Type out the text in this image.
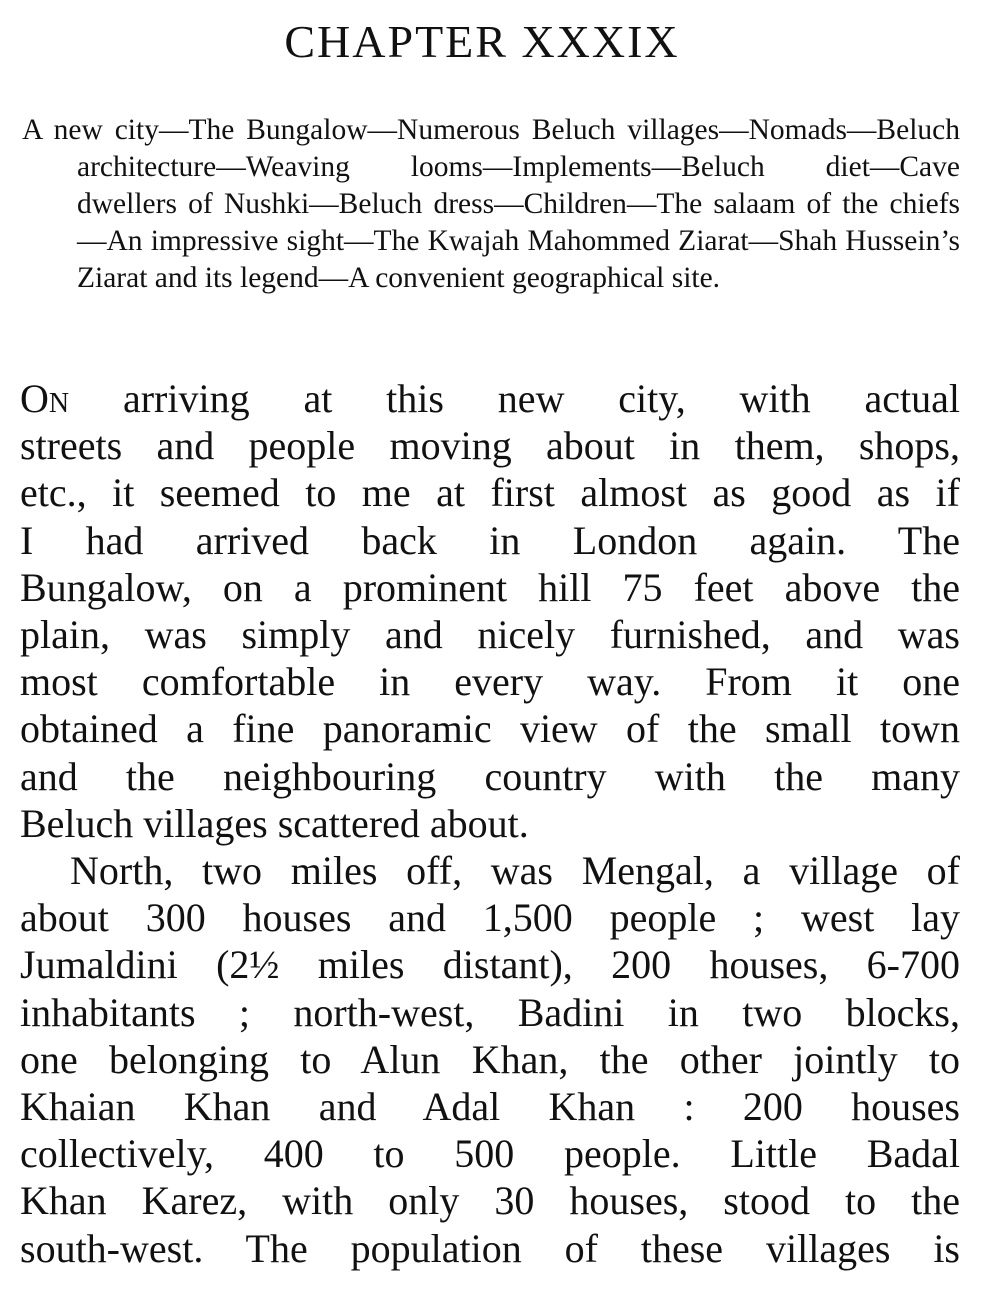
CHAPTER XXXIX

A new city—The Bungalow—Numerous Beluch villages—Nomads—Beluch architecture—Weaving looms—Implements—Beluch diet—Cave dwellers of Nushki—Beluch dress—Children—The salaam of the chiefs—An impressive sight—The Kwajah Mahommed Ziarat—Shah Hussein’s Ziarat and its legend—A convenient geographical site.

On arriving at this new city, with actual
streets and people moving about in them, shops,
etc., it seemed to me at first almost as good as if
I had arrived back in London again. The
Bungalow, on a prominent hill 75 feet above the
plain, was simply and nicely furnished, and was
most comfortable in every way. From it one
obtained a fine panoramic view of the small town
and the neighbouring country with the many
Beluch villages scattered about.
North, two miles off, was Mengal, a village of
about 300 houses and 1,500 people ; west lay
Jumaldini (2½ miles distant), 200 houses, 6-700
inhabitants ; north-west, Badini in two blocks,
one belonging to Alun Khan, the other jointly to
Khaian Khan and Adal Khan : 200 houses
collectively, 400 to 500 people. Little Badal
Khan Karez, with only 30 houses, stood to the
south-west. The population of these villages is
